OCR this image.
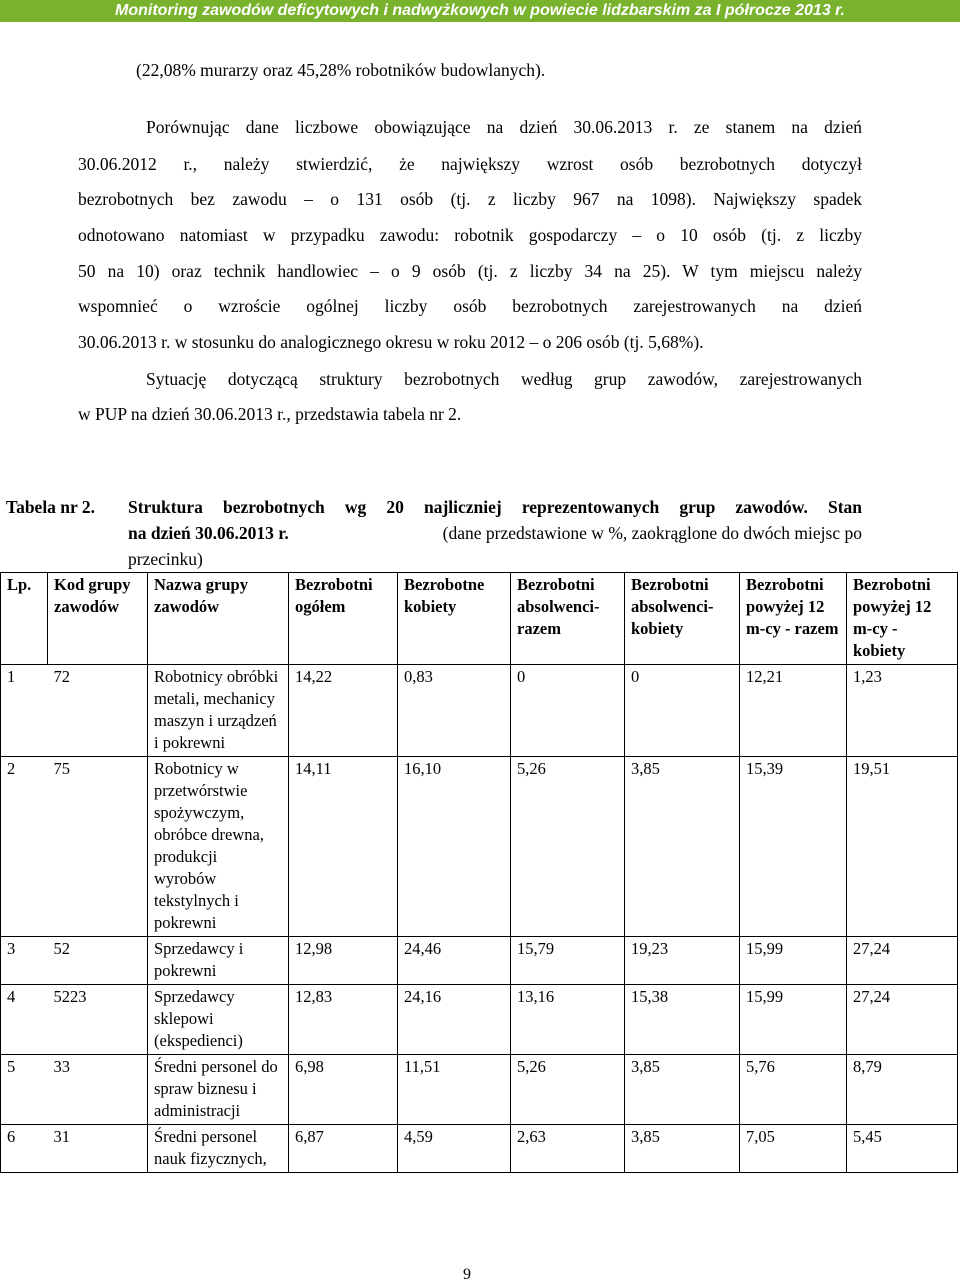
Monitoring zawodów deficytowych i nadwyżkowych w powiecie lidzbarskim za I półrocze 2013 r.
(22,08% murarzy oraz 45,28% robotników budowlanych).
Porównując dane liczbowe obowiązujące na dzień 30.06.2013 r. ze stanem na dzień
30.06.2012 r., należy stwierdzić, że największy wzrost osób bezrobotnych dotyczył
bezrobotnych bez zawodu – o 131 osób (tj. z liczby 967 na 1098). Największy spadek
odnotowano natomiast w przypadku zawodu: robotnik gospodarczy – o 10 osób (tj. z liczby
50 na 10) oraz technik handlowiec – o 9 osób (tj. z liczby 34 na 25). W tym miejscu należy
wspomnieć o wzroście ogólnej liczby osób bezrobotnych zarejestrowanych na dzień
30.06.2013 r. w stosunku do analogicznego okresu w roku 2012 – o 206 osób (tj. 5,68%).
Sytuację dotyczącą struktury bezrobotnych według grup zawodów, zarejestrowanych
w PUP na dzień 30.06.2013 r., przedstawia tabela nr 2.
Tabela nr 2. Struktura bezrobotnych wg 20 najliczniej reprezentowanych grup zawodów. Stan
na dzień 30.06.2013 r.	(dane przedstawione w %, zaokrąglone do dwóch miejsc po
przecinku)
Lp.	Kod grupy zawodów	Nazwa grupy zawodów	Bezrobotni ogółem	Bezrobotne kobiety	Bezrobotni absolwenci-razem	Bezrobotni absolwenci-kobiety	Bezrobotni powyżej 12 m-cy - razem	Bezrobotni powyżej 12 m-cy - kobiety
1	72	Robotnicy obróbki metali, mechanicy maszyn i urządzeń i pokrewni	14,22	0,83	0	0	12,21	1,23
2	75	Robotnicy w przetwórstwie spożywczym, obróbce drewna, produkcji wyrobów tekstylnych i pokrewni	14,11	16,10	5,26	3,85	15,39	19,51
3	52	Sprzedawcy i pokrewni	12,98	24,46	15,79	19,23	15,99	27,24
4	5223	Sprzedawcy sklepowi (ekspedienci)	12,83	24,16	13,16	15,38	15,99	27,24
5	33	Średni personel do spraw biznesu i administracji	6,98	11,51	5,26	3,85	5,76	8,79
6	31	Średni personel nauk fizycznych,	6,87	4,59	2,63	3,85	7,05	5,45
9
